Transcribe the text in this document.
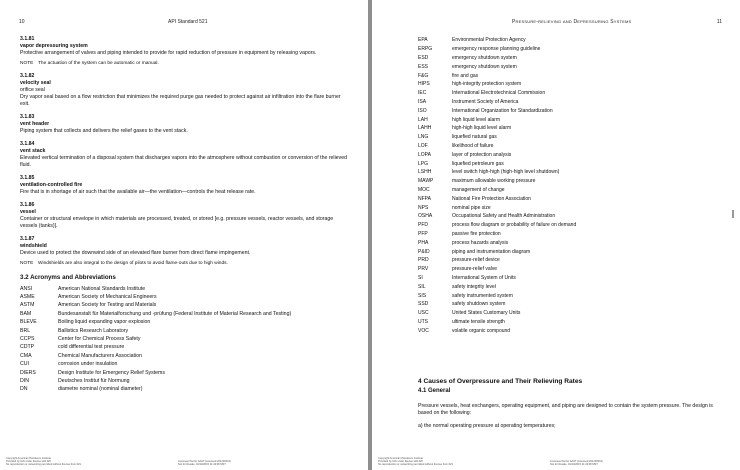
10	API Standard 521
3.1.81
vapor depressuring system
Protective arrangement of valves and piping intended to provide for rapid reduction of pressure in equipment by releasing vapors.
NOTE The actuation of the system can be automatic or manual.
3.1.82
velocity seal
orifice seal
Dry vapor seal based on a flow restriction that minimizes the required purge gas needed to protect against air infiltration into the flare burner exit.
3.1.83
vent header
Piping system that collects and delivers the relief gases to the vent stack.
3.1.84
vent stack
Elevated vertical termination of a disposal system that discharges vapors into the atmosphere without combustion or conversion of the relieved fluid.
3.1.85
ventilation-controlled fire
Fire that is in shortage of air such that the available air—the ventilation—controls the heat release rate.
3.1.86
vessel
Container or structural envelope in which materials are processed, treated, or stored [e.g. pressure vessels, reactor vessels, and storage vessels (tanks)].
3.1.87
windshield
Device used to protect the downwind side of an elevated flare burner from direct flame impingement.
NOTE Windshields are also integral to the design of pilots to avoid flame-outs due to high winds.
3.2 Acronyms and Abbreviations
ANSI	American National Standards Institute
ASME	American Society of Mechanical Engineers
ASTM	American Society for Testing and Materials
BAM	Bundesanstalt für Materialforschung und -prüfung (Federal Institute of Material Research and Testing)
BLEVE	Boiling liquid expanding vapor explosion
BRL	Ballistics Research Laboratory
CCPS	Center for Chemical Process Safety
CDTP	cold differential test pressure
CMA	Chemical Manufacturers Association
CUI	corrosion under insulation
DIERS	Design Institute for Emergency Relief Systems
DIN	Deutsches Institut für Normung
DN	diametre nominal (nominal diameter)
Copyright American Petroleum Institute
Provided by IHS under license with API
No reproduction or networking permitted without license from IHS
Licensee=Tecnic AAAT (Licensed 2012/09/01)
Not for Resale, 02/10/2015 11:43:08 MST
Pressure-relieving and Depressuring Systems	11
EPA	Environmental Protection Agency
ERPG	emergency response planning guideline
ESD	emergency shutdown system
ESS	emergency shutdown system
F&G	fire and gas
HIPS	high-integrity protection system
IEC	International Electrotechnical Commission
ISA	Instrument Society of America
ISO	International Organization for Standardization
LAH	high liquid level alarm
LAHH	high-high liquid level alarm
LNG	liquefied natural gas
LOF	likelihood of failure
LOPA	layer of protection analysis
LPG	liquefied petroleum gas
LSHH	level switch high-high (high-high level shutdown)
MAWP	maximum allowable working pressure
MOC	management of change
NFPA	National Fire Protection Association
NPS	nominal pipe size
OSHA	Occupational Safety and Health Administration
PFD	process flow diagram or probability of failure on demand
PFP	passive fire protection
PHA	process hazards analysis
P&ID	piping and instrumentation diagram
PRD	pressure-relief device
PRV	pressure-relief valve
SI	International System of Units
SIL	safety integrity level
SIS	safety instrumented system
SSD	safety shutdown system
USC	United States Customary Units
UTS	ultimate tensile strength
VOC	volatile organic compound
4 Causes of Overpressure and Their Relieving Rates
4.1 General

Pressure vessels, heat exchangers, operating equipment, and piping are designed to contain the system pressure. The design is based on the following:

a) the normal operating pressure at operating temperatures;

Copyright American Petroleum Institute
Provided by IHS under license with API
No reproduction or networking permitted without license from IHS
Licensee=Tecnic AAAT (Licensed 2012/09/01)
Not for Resale, 02/10/2015 11:43:08 MST
